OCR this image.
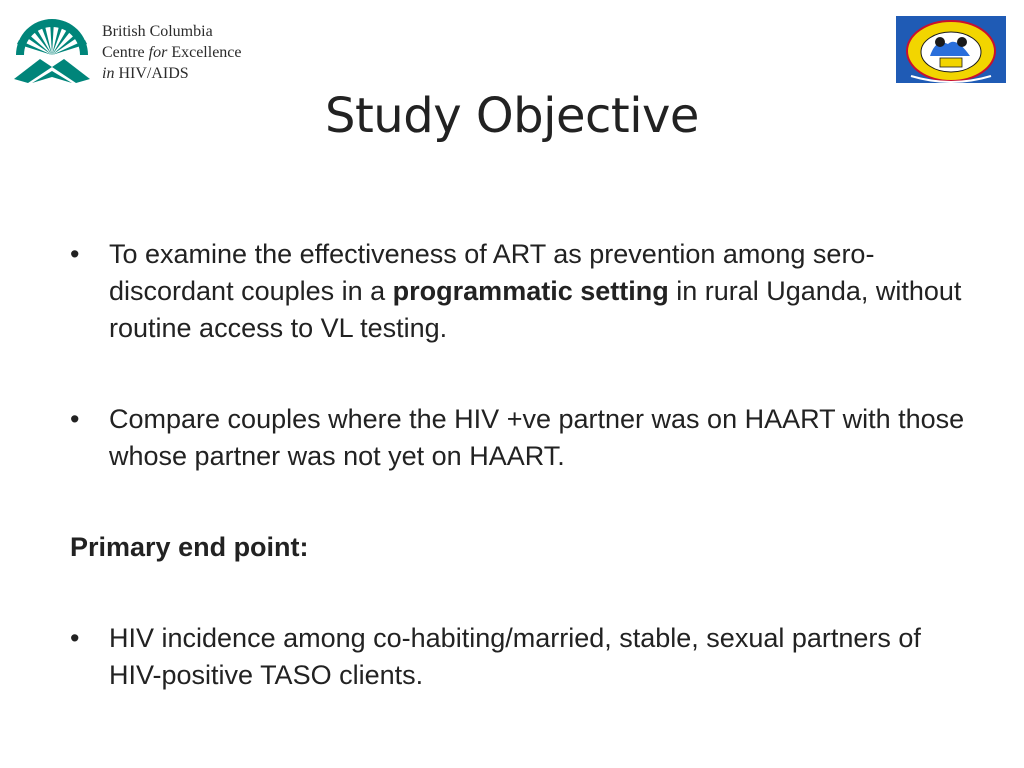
British Columbia
Centre for Excellence
in HIV/AIDS
Study Objective

•	To examine the effectiveness of ART as prevention among sero-discordant couples in a programmatic setting in rural Uganda, without routine access to VL testing.

•	Compare couples where the HIV +ve partner was on HAART with those whose partner was not yet on HAART.

Primary end point:

•	HIV incidence among co-habiting/married, stable, sexual partners of HIV-positive TASO clients.
